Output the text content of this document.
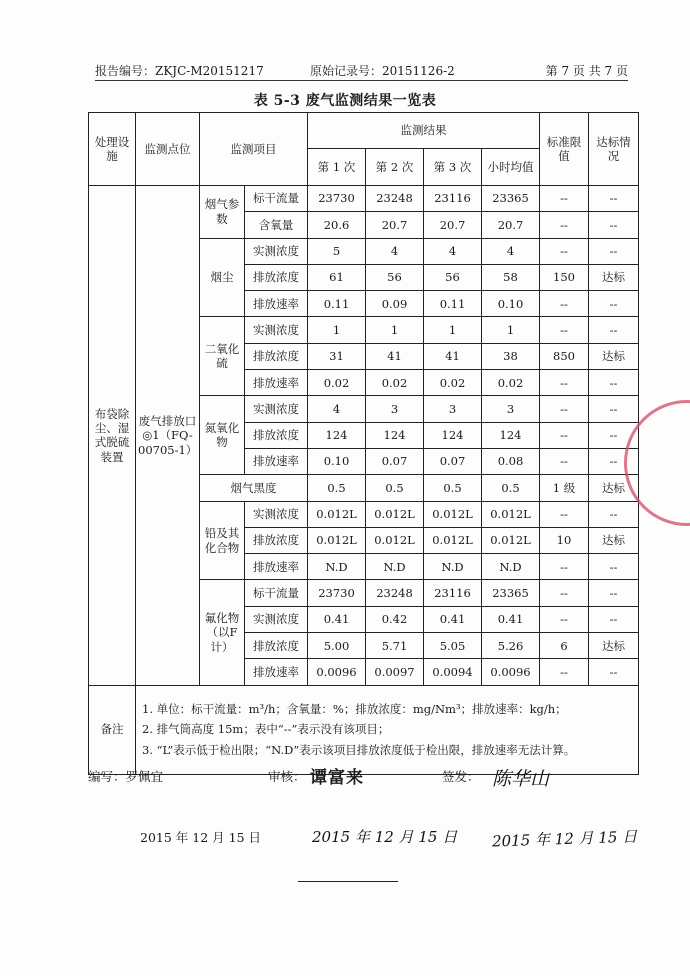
报告编号：ZKJC-M20151217	原始记录号：20151126-2	第 7 页 共 7 页
表 5-3 废气监测结果一览表
处理设施	监测点位	监测项目		监测结果				标准限值	达标情况
				第 1 次	第 2 次	第 3 次	小时均值		
布袋除尘、湿式脱硫装置	废气排放口◎1（FQ-00705-1）	烟气参数	标干流量	23730	23248	23116	23365	--	--
			含氧量	20.6	20.7	20.7	20.7	--	--
		烟尘	实测浓度	5	4	4	4	--	--
			排放浓度	61	56	56	58	150	达标
			排放速率	0.11	0.09	0.11	0.10	--	--
		二氧化硫	实测浓度	1	1	1	1	--	--
			排放浓度	31	41	41	38	850	达标
			排放速率	0.02	0.02	0.02	0.02	--	--
		氮氧化物	实测浓度	4	3	3	3	--	--
			排放浓度	124	124	124	124	--	--
			排放速率	0.10	0.07	0.07	0.08	--	--
		烟气黑度		0.5	0.5	0.5	0.5	1 级	达标
		铅及其化合物	实测浓度	0.012L	0.012L	0.012L	0.012L	--	--
			排放浓度	0.012L	0.012L	0.012L	0.012L	10	达标
			排放速率	N.D	N.D	N.D	N.D	--	--
		氟化物（以F计）	标干流量	23730	23248	23116	23365	--	--
			实测浓度	0.41	0.42	0.41	0.41	--	--
			排放浓度	5.00	5.71	5.05	5.26	6	达标
			排放速率	0.0096	0.0097	0.0094	0.0096	--	--
备注	1. 单位：标干流量：m³/h；含氧量：%；排放浓度：mg/Nm³；排放速率：kg/h；
2. 排气筒高度 15m；表中“--”表示没有该项目；
3. “L”表示低于检出限；“N.D”表示该项目排放浓度低于检出限，排放速率无法计算。								
编写：罗佩宜	审核： 谭富来	签发： 陈华山
2015 年 12 月 15 日	2015 年 12 月 15 日 2015 年 12 月 15 日
